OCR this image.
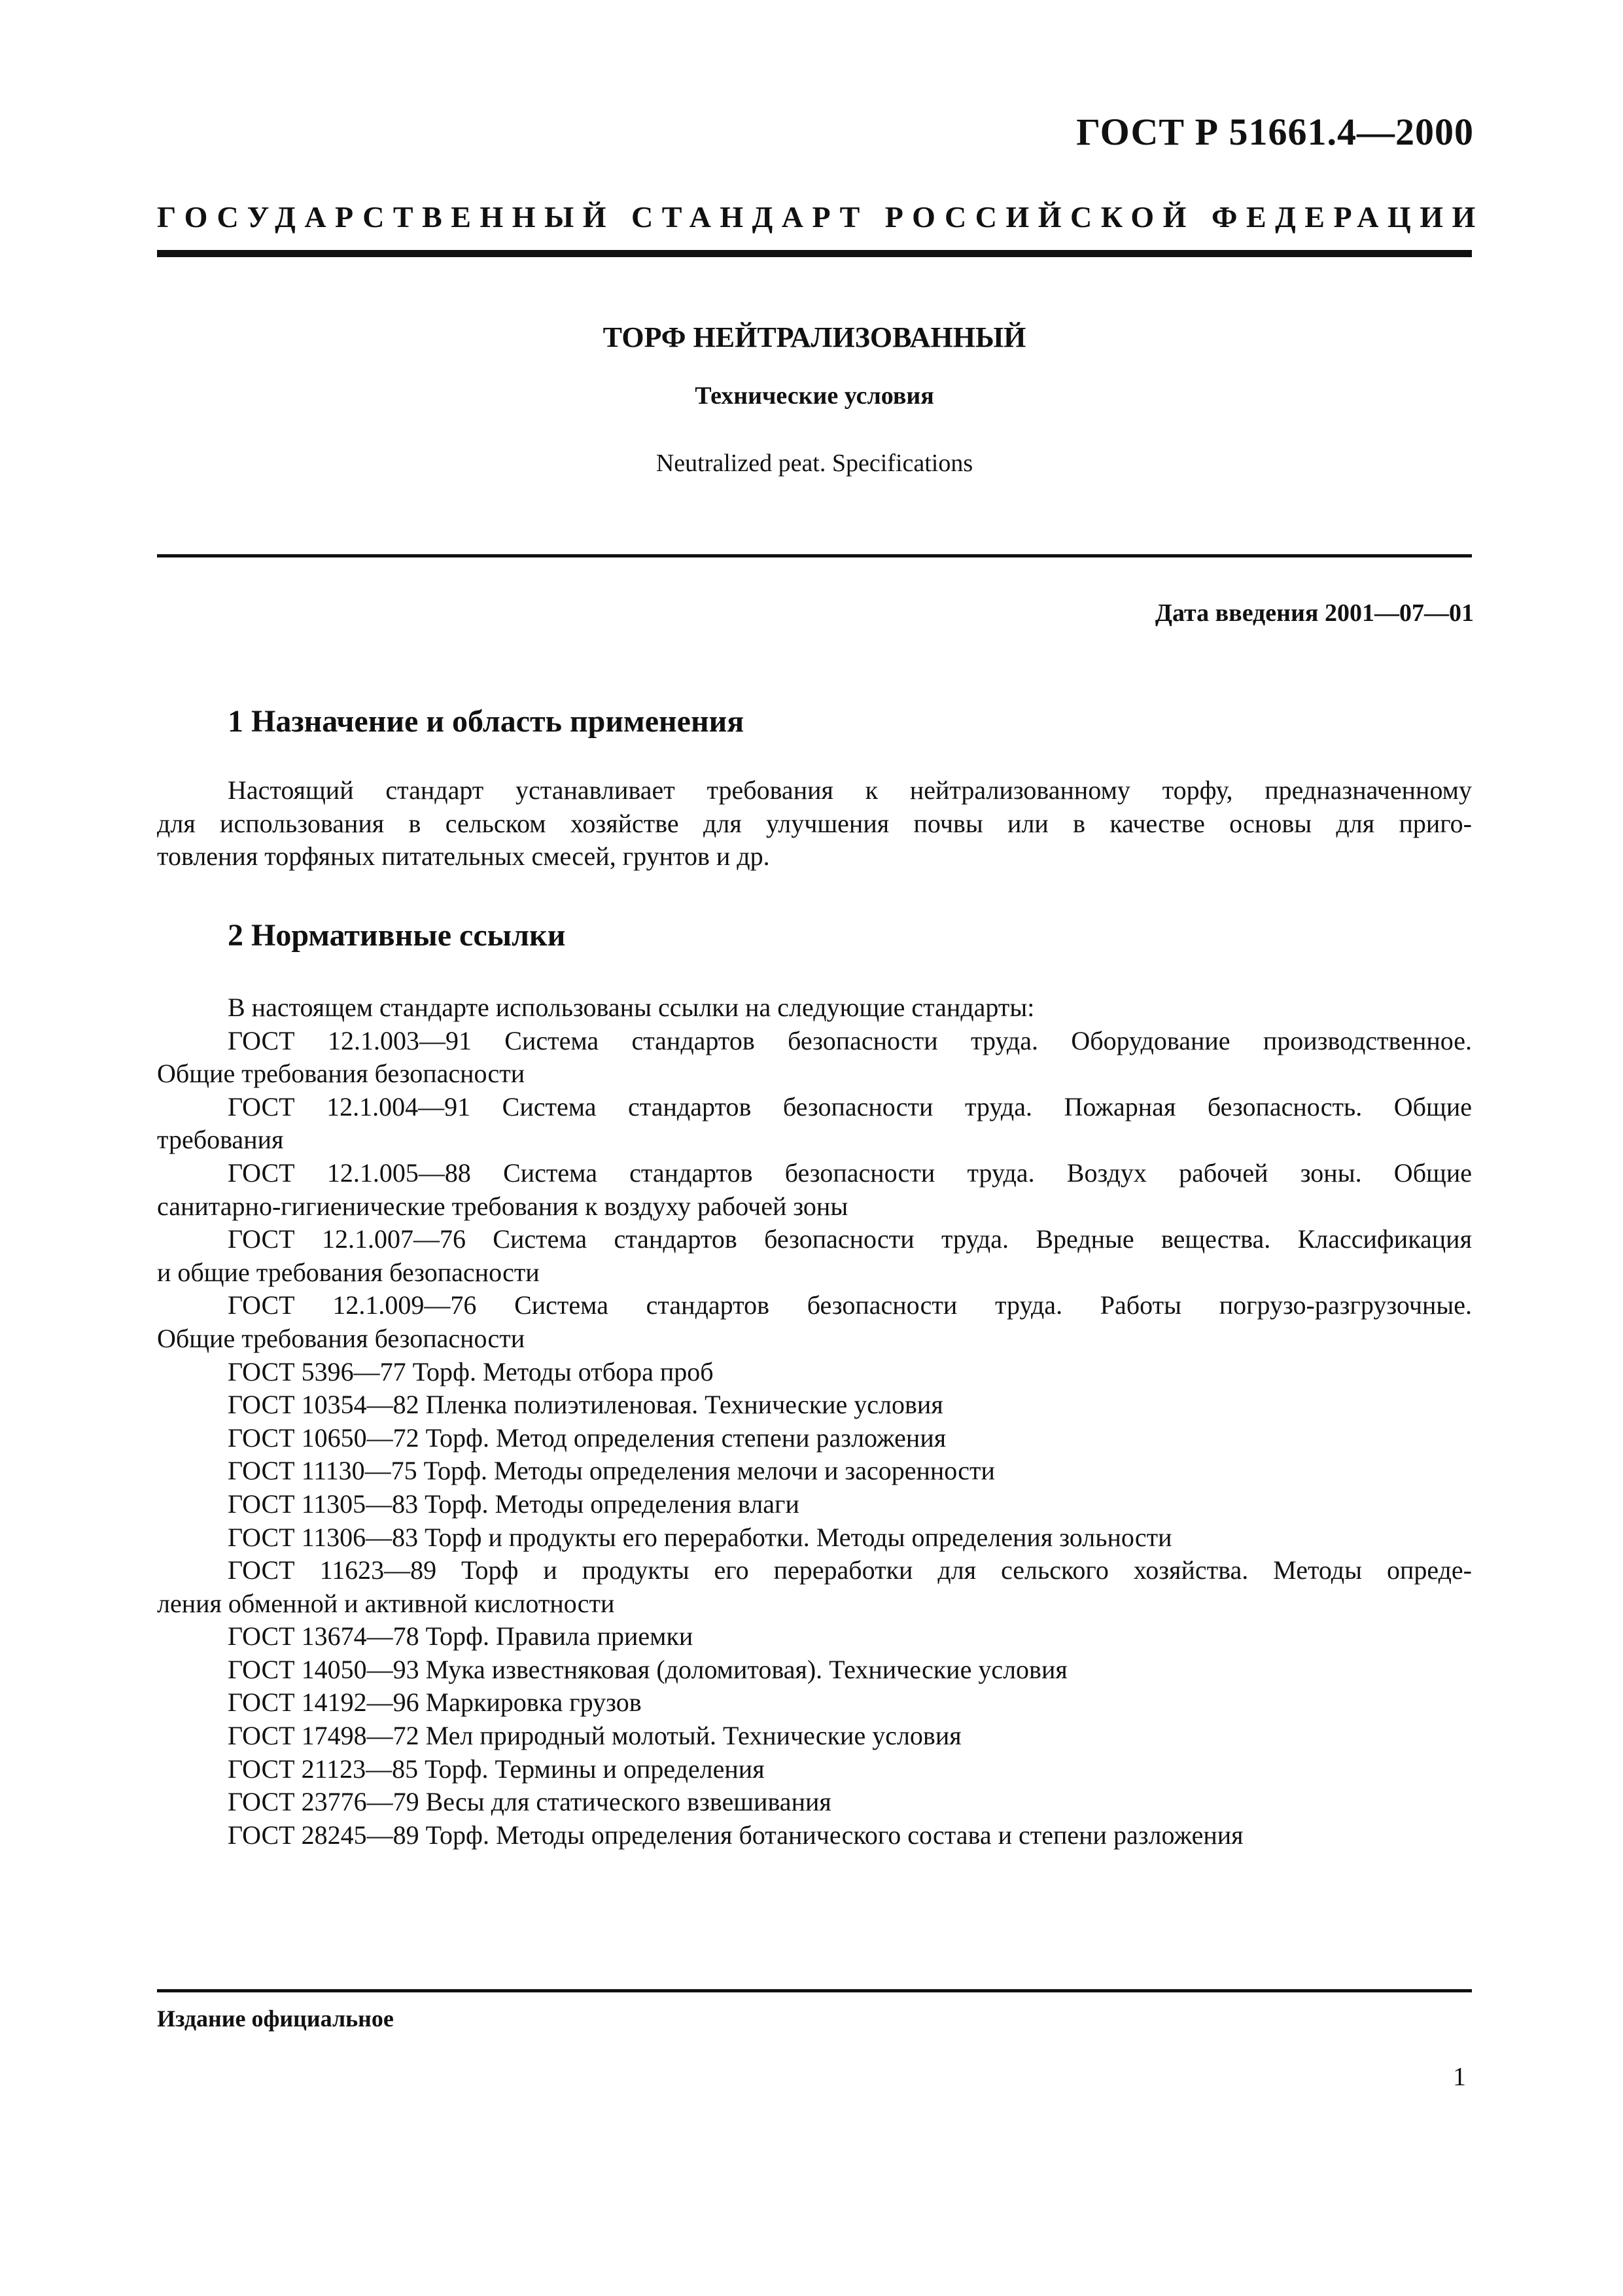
ГОСТ Р 51661.4—2000
ГОСУДАРСТВЕННЫЙ СТАНДАРТ РОССИЙСКОЙ ФЕДЕРАЦИИ
ТОРФ НЕЙТРАЛИЗОВАННЫЙ
Технические условия
Neutralized peat. Specifications
Дата введения 2001—07—01
1 Назначение и область применения
Настоящий стандарт устанавливает требования к нейтрализованному торфу, предназначенному
для использования в сельском хозяйстве для улучшения почвы или в качестве основы для приго-
товления торфяных питательных смесей, грунтов и др.
2 Нормативные ссылки
В настоящем стандарте использованы ссылки на следующие стандарты:
ГОСТ 12.1.003—91 Система стандартов безопасности труда. Оборудование производственное.
Общие требования безопасности
ГОСТ 12.1.004—91 Система стандартов безопасности труда. Пожарная безопасность. Общие
требования
ГОСТ 12.1.005—88 Система стандартов безопасности труда. Воздух рабочей зоны. Общие
санитарно-гигиенические требования к воздуху рабочей зоны
ГОСТ 12.1.007—76 Система стандартов безопасности труда. Вредные вещества. Классификация
и общие требования безопасности
ГОСТ 12.1.009—76 Система стандартов безопасности труда. Работы погрузо-разгрузочные.
Общие требования безопасности
ГОСТ 5396—77 Торф. Методы отбора проб
ГОСТ 10354—82 Пленка полиэтиленовая. Технические условия
ГОСТ 10650—72 Торф. Метод определения степени разложения
ГОСТ 11130—75 Торф. Методы определения мелочи и засоренности
ГОСТ 11305—83 Торф. Методы определения влаги
ГОСТ 11306—83 Торф и продукты его переработки. Методы определения зольности
ГОСТ 11623—89 Торф и продукты его переработки для сельского хозяйства. Методы опреде-
ления обменной и активной кислотности
ГОСТ 13674—78 Торф. Правила приемки
ГОСТ 14050—93 Мука известняковая (доломитовая). Технические условия
ГОСТ 14192—96 Маркировка грузов
ГОСТ 17498—72 Мел природный молотый. Технические условия
ГОСТ 21123—85 Торф. Термины и определения
ГОСТ 23776—79 Весы для статического взвешивания
ГОСТ 28245—89 Торф. Методы определения ботанического состава и степени разложения
Издание официальное
1
